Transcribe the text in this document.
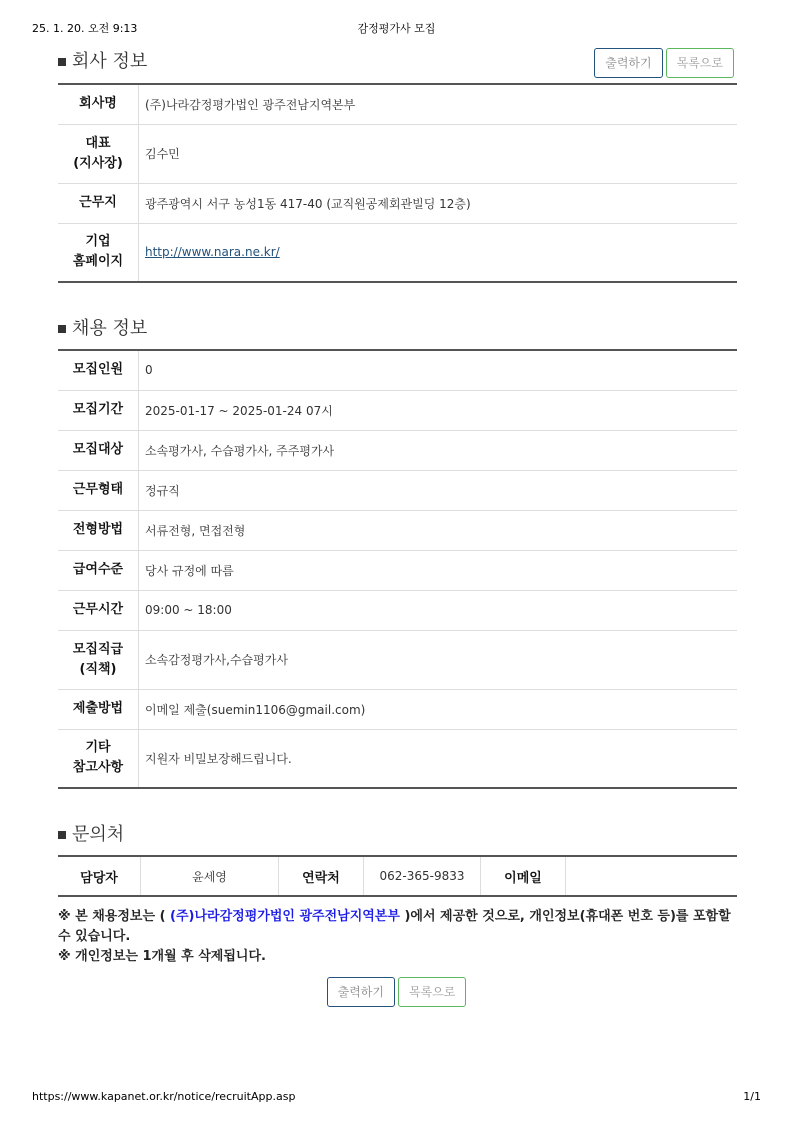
25. 1. 20. 오전 9:13	감정평가사 모집
회사 정보	출력하기	목록으로
회사명	(주)나라감정평가법인 광주전남지역본부
대표
(지사장)	김수민
근무지	광주광역시 서구 농성1동 417-40 (교직원공제회관빌딩 12층)
기업
홈페이지	http://www.nara.ne.kr/
채용 정보
모집인원	0
모집기간	2025-01-17 ~ 2025-01-24 07시
모집대상	소속평가사, 수습평가사, 주주평가사
근무형태	정규직
전형방법	서류전형, 면접전형
급여수준	당사 규정에 따름
근무시간	09:00 ~ 18:00
모집직급
(직책)	소속감정평가사,수습평가사
제출방법	이메일 제출(suemin1106@gmail.com)
기타
참고사항	지원자 비밀보장해드립니다.
문의처
담당자	윤세영	연락처	062-365-9833	이메일	
※ 본 채용정보는 ( (주)나라감정평가법인 광주전남지역본부 )에서 제공한 것으로, 개인정보(휴대폰 번호 등)를 포함할 수 있습니다.
※ 개인정보는 1개월 후 삭제됩니다.
출력하기	목록으로
https://www.kapanet.or.kr/notice/recruitApp.asp	1/1
